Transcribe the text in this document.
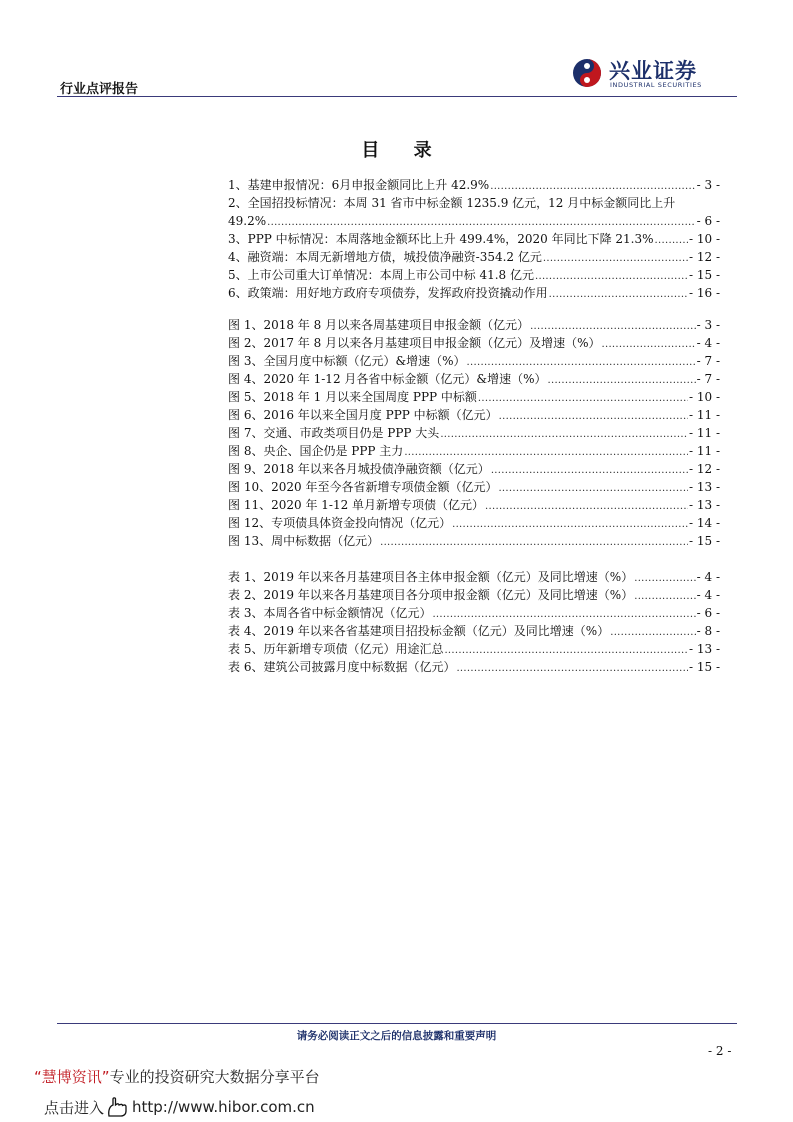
行业点评报告
兴业证券
INDUSTRIAL SECURITIES
目 录
1、基建申报情况：6月申报金额同比上升 42.9% .....	- 3 -
2、全国招投标情况：本周 31 省市中标金额 1235.9 亿元，12 月中标金额同比上升
49.2% .....	- 6 -
3、PPP 中标情况：本周落地金额环比上升 499.4%，2020 年同比下降 21.3% .....	- 10 -
4、融资端：本周无新增地方债，城投债净融资-354.2 亿元 .....	- 12 -
5、上市公司重大订单情况：本周上市公司中标 41.8 亿元 .....	- 15 -
6、政策端：用好地方政府专项债券，发挥政府投资撬动作用 .....	- 16 -
图 1、2018 年 8 月以来各周基建项目申报金额（亿元） .....	- 3 -
图 2、2017 年 8 月以来各月基建项目申报金额（亿元）及增速（%） .....	- 4 -
图 3、全国月度中标额（亿元）&增速（%） .....	- 7 -
图 4、2020 年 1-12 月各省中标金额（亿元）&增速（%） .....	- 7 -
图 5、2018 年 1 月以来全国周度 PPP 中标额 .....	- 10 -
图 6、2016 年以来全国月度 PPP 中标额（亿元） .....	- 11 -
图 7、交通、市政类项目仍是 PPP 大头 .....	- 11 -
图 8、央企、国企仍是 PPP 主力 .....	- 11 -
图 9、2018 年以来各月城投债净融资额（亿元） .....	- 12 -
图 10、2020 年至今各省新增专项债金额（亿元） .....	- 13 -
图 11、2020 年 1-12 单月新增专项债（亿元） .....	- 13 -
图 12、专项债具体资金投向情况（亿元） .....	- 14 -
图 13、周中标数据（亿元） .....	- 15 -
表 1、2019 年以来各月基建项目各主体申报金额（亿元）及同比增速（%） .....	- 4 -
表 2、2019 年以来各月基建项目各分项申报金额（亿元）及同比增速（%） .....	- 4 -
表 3、本周各省中标金额情况（亿元） .....	- 6 -
表 4、2019 年以来各省基建项目招投标金额（亿元）及同比增速（%） .....	- 8 -
表 5、历年新增专项债（亿元）用途汇总 .....	- 13 -
表 6、建筑公司披露月度中标数据（亿元） .....	- 15 -
请务必阅读正文之后的信息披露和重要声明
- 2 -
“慧博资讯”专业的投资研究大数据分享平台
点击进入 http://www.hibor.com.cn
